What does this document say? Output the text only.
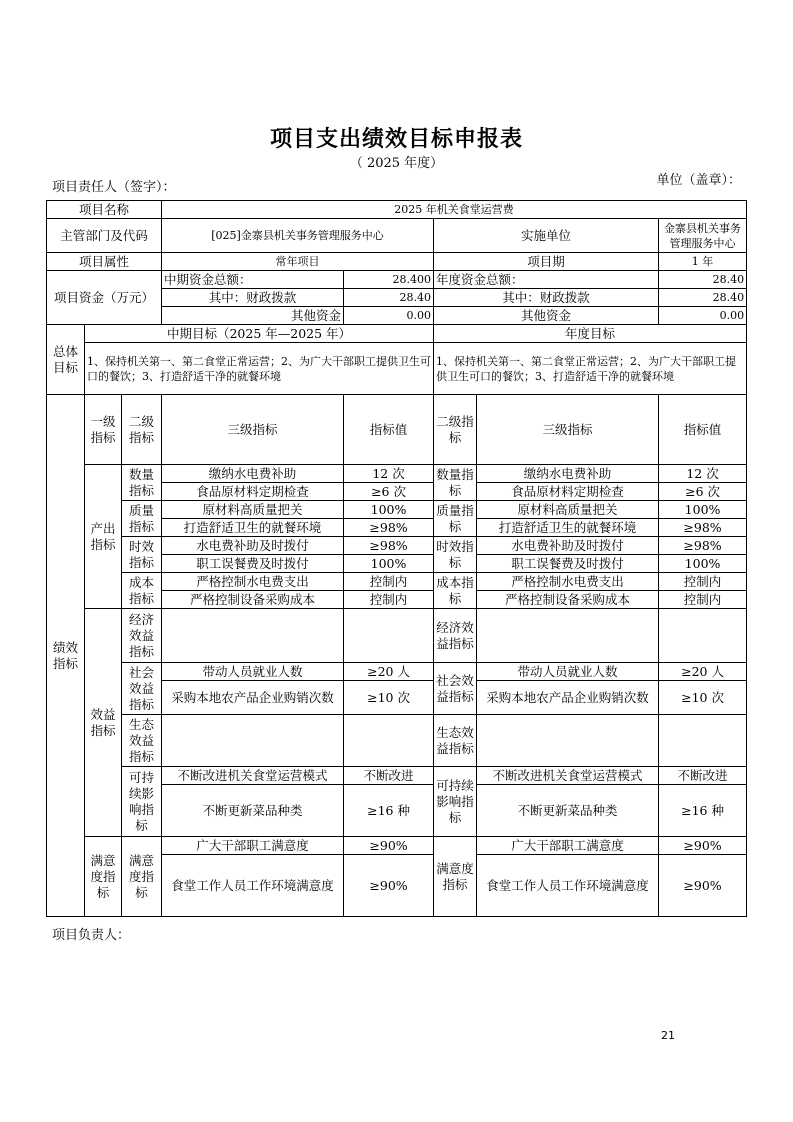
项目支出绩效目标申报表
（ 2025 年度）
项目责任人（签字）：	单位（盖章）：
项目名称			2025 年机关食堂运营费				
主管部门及代码			[025]金寨县机关事务管理服务中心		实施单位		金寨县机关事务管理服务中心
项目属性			常年项目		项目期		1 年
项目资金（万元）			中期资金总额：	28.400	年度资金总额：		28.40
			其中：财政拨款	28.40	其中：财政拨款		28.40
			其他资金	0.00	其他资金		0.00
总体目标	中期目标（2025 年—2025 年）				年度目标		
	1、保持机关第一、第二食堂正常运营；2、为广大干部职工提供卫生可口的餐饮；3、打造舒适干净的就餐环境				1、保持机关第一、第二食堂正常运营；2、为广大干部职工提供卫生可口的餐饮；3、打造舒适干净的就餐环境		
绩效指标	一级指标	二级指标	三级指标	指标值	二级指标	三级指标	指标值
	产出指标	数量指标	缴纳水电费补助	12 次	数量指标	缴纳水电费补助	12 次
			食品原材料定期检查	≥6 次		食品原材料定期检查	≥6 次
		质量指标	原材料高质量把关	100%	质量指标	原材料高质量把关	100%
			打造舒适卫生的就餐环境	≥98%		打造舒适卫生的就餐环境	≥98%
		时效指标	水电费补助及时拨付	≥98%	时效指标	水电费补助及时拨付	≥98%
			职工误餐费及时拨付	100%		职工误餐费及时拨付	100%
		成本指标	严格控制水电费支出	控制内	成本指标	严格控制水电费支出	控制内
			严格控制设备采购成本	控制内		严格控制设备采购成本	控制内
	效益指标	经济效益指标			经济效益指标		
		社会效益指标	带动人员就业人数	≥20 人	社会效益指标	带动人员就业人数	≥20 人
			采购本地农产品企业购销次数	≥10 次		采购本地农产品企业购销次数	≥10 次
		生态效益指标			生态效益指标		
		可持续影响指标	不断改进机关食堂运营模式	不断改进	可持续影响指标	不断改进机关食堂运营模式	不断改进
			不断更新菜品种类	≥16 种		不断更新菜品种类	≥16 种
	满意度指标	满意度指标	广大干部职工满意度	≥90%	满意度指标	广大干部职工满意度	≥90%
			食堂工作人员工作环境满意度	≥90%		食堂工作人员工作环境满意度	≥90%
项目负责人：
21
